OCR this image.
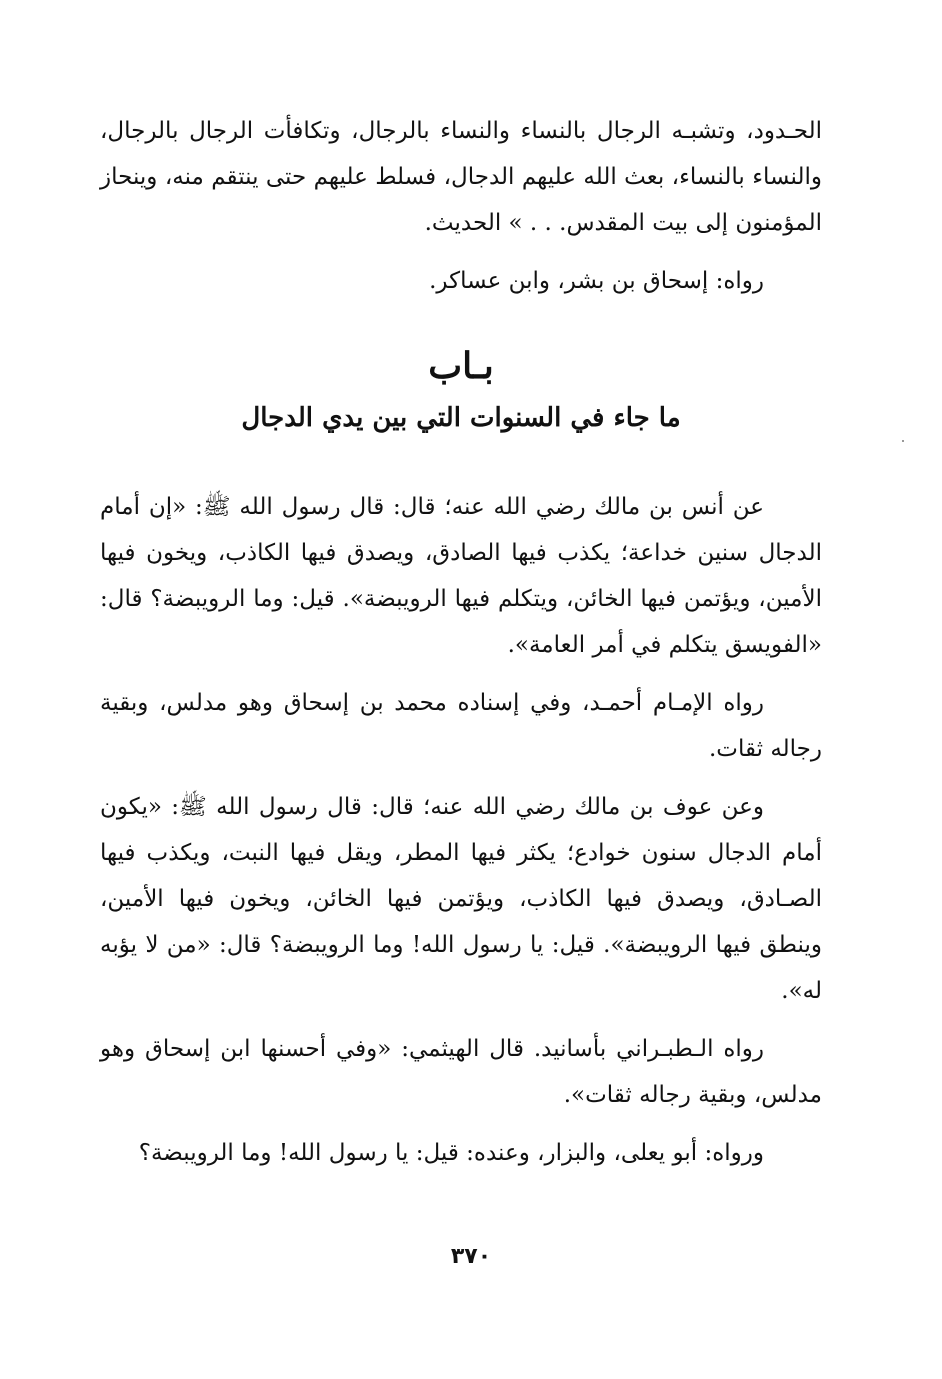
الحـدود، وتشبـه الرجال بالنساء والنساء بالرجال، وتكافأت الرجال بالرجال، والنساء بالنساء، بعث الله عليهم الدجال، فسلط عليهم حتى ينتقم منه، وينحاز المؤمنون إلى بيت المقدس. . . » الحديث.

رواه: إسحاق بن بشر، وابن عساكر.

بـاب

ما جاء في السنوات التي بين يدي الدجال

عن أنس بن مالك رضي الله عنه؛ قال: قال رسول الله ﷺ: «إن أمام الدجال سنين خداعة؛ يكذب فيها الصادق، ويصدق فيها الكاذب، ويخون فيها الأمين، ويؤتمن فيها الخائن، ويتكلم فيها الرويبضة». قيل: وما الرويبضة؟ قال: «الفويسق يتكلم في أمر العامة».

رواه الإمـام أحمـد، وفي إسناده محمد بن إسحاق وهو مدلس، وبقية رجاله ثقات.

وعن عوف بن مالك رضي الله عنه؛ قال: قال رسول الله ﷺ: «يكون أمام الدجال سنون خوادع؛ يكثر فيها المطر، ويقل فيها النبت، ويكذب فيها الصـادق، ويصدق فيها الكاذب، ويؤتمن فيها الخائن، ويخون فيها الأمين، وينطق فيها الرويبضة». قيل: يا رسول الله! وما الرويبضة؟ قال: «من لا يؤبه له».

رواه الـطبـراني بأسانيد. قال الهيثمي: «وفي أحسنها ابن إسحاق وهو مدلس، وبقية رجاله ثقات».

ورواه: أبو يعلى، والبزار، وعنده: قيل: يا رسول الله! وما الرويبضة؟

٣٧٠
